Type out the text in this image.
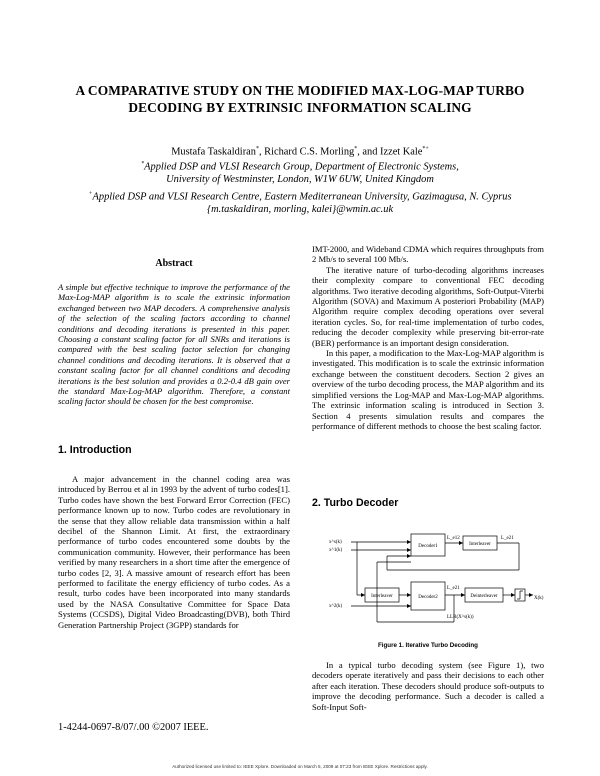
A COMPARATIVE STUDY ON THE MODIFIED MAX-LOG-MAP TURBO
DECODING BY EXTRINSIC INFORMATION SCALING
Mustafa Taskaldiran*, Richard C.S. Morling*, and Izzet Kale*+
*Applied DSP and VLSI Research Group, Department of Electronic Systems,
University of Westminster, London, W1W 6UW, United Kingdom
+Applied DSP and VLSI Research Centre, Eastern Mediterranean University, Gazimagusa, N. Cyprus
{m.taskaldiran, morling, kalei}@wmin.ac.uk
Abstract
A simple but effective technique to improve the performance of the Max-Log-MAP algorithm is to scale the extrinsic information exchanged between two MAP decoders. A comprehensive analysis of the selection of the scaling factors according to channel conditions and decoding iterations is presented in this paper. Choosing a constant scaling factor for all SNRs and iterations is compared with the best scaling factor selection for changing channel conditions and decoding iterations. It is observed that a constant scaling factor for all channel conditions and decoding iterations is the best solution and provides a 0.2-0.4 dB gain over the standard Max-Log-MAP algorithm. Therefore, a constant scaling factor should be chosen for the best compromise.
1. Introduction

A major advancement in the channel coding area was introduced by Berrou et al in 1993 by the advent of turbo codes[1]. Turbo codes have shown the best Forward Error Correction (FEC) performance known up to now. Turbo codes are revolutionary in the sense that they allow reliable data transmission within a half decibel of the Shannon Limit. At first, the extraordinary performance of turbo codes encountered some doubts by the communication community. However, their performance has been verified by many researchers in a short time after the emergence of turbo codes [2, 3]. A massive amount of research effort has been performed to facilitate the energy efficiency of turbo codes. As a result, turbo codes have been incorporated into many standards used by the NASA Consultative Committee for Space Data Systems (CCSDS), Digital Video Broadcasting(DVB), both Third Generation Partnership Project (3GPP) standards for

IMT-2000, and Wideband CDMA which requires throughputs from 2 Mb/s to several 100 Mb/s.

The iterative nature of turbo-decoding algorithms increases their complexity compare to conventional FEC decoding algorithms. Two iterative decoding algorithms, Soft-Output-Viterbi Algorithm (SOVA) and Maximum A posteriori Probability (MAP) Algorithm require complex decoding operations over several iteration cycles. So, for real-time implementation of turbo codes, reducing the decoder complexity while preserving bit-error-rate (BER) performance is an important design consideration.

In this paper, a modification to the Max-Log-MAP algorithm is investigated. This modification is to scale the extrinsic information exchange between the constituent decoders. Section 2 gives an overview of the turbo decoding process, the MAP algorithm and its simplified versions the Log-MAP and Max-Log-MAP algorithms. The extrinsic information scaling is introduced in Section 3. Section 4 presents simulation results and compares the performance of different methods to choose the best scaling factor.

2. Turbo Decoder
Decoder1	Interleaver
Decoder2
Interleaver	Deinterleaver
x^s(k)
x^1(k)
x^2(k)
L_e12	L_e21
L_e21
LLR(X^s(k))
X(k)
Figure 1. Iterative Turbo Decoding

In a typical turbo decoding system (see Figure 1), two decoders operate iteratively and pass their decisions to each other after each iteration. These decoders should produce soft-outputs to improve the decoding performance. Such a decoder is called a Soft-Input Soft-

1-4244-0697-8/07/.00 ©2007 IEEE.
Authorized licensed use limited to: IEEE Xplore. Downloaded on March 5, 2009 at 07:23 from IEEE Xplore. Restrictions apply.
